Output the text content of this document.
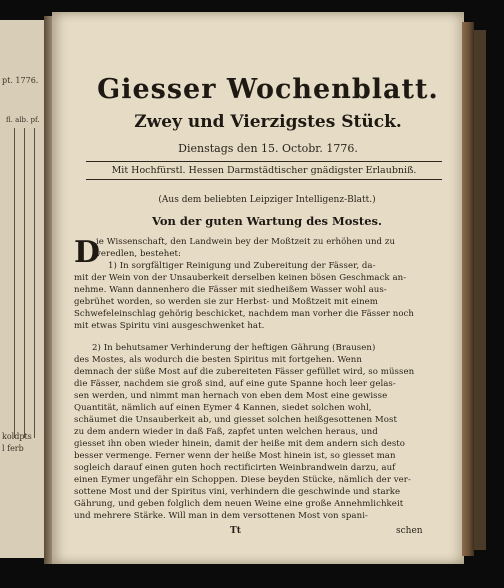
pt. 1776.
fl. alb. pf.
koldpts
l ferb
Giesser Wochenblatt.
Zwey und Vierzigstes Stück.
Dienstags den 15. Octobr. 1776.
Mit Hochfürstl. Hessen Darmstädtischer gnädigster Erlaubniß.
(Aus dem beliebten Leipziger Intelligenz-Blatt.)
Von der guten Wartung des Mostes.
D
ie Wissenschaft, den Landwein bey der Moßtzeit zu erhöhen und zu
veredlen, bestehet:
1) In sorgfältiger Reinigung und Zubereitung der Fässer, da-
mit der Wein von der Unsauberkeit derselben keinen bösen Geschmack an-
nehme. Wann dannenhero die Fässer mit siedheißem Wasser wohl aus-
gebrühet worden, so werden sie zur Herbst- und Moßtzeit mit einem
Schwefeleinschlag gehörig beschicket, nachdem man vorher die Fässer noch
mit etwas Spiritu vini ausgeschwenket hat.
2) In behutsamer Verhinderung der heftigen Gährung (Brausen)
des Mostes, als wodurch die besten Spiritus mit fortgehen. Wenn
demnach der süße Most auf die zubereiteten Fässer gefüllet wird, so müssen
die Fässer, nachdem sie groß sind, auf eine gute Spanne hoch leer gelas-
sen werden, und nimmt man hernach von eben dem Most eine gewisse
Quantität, nämlich auf einen Eymer 4 Kannen, siedet solchen wohl,
schäumet die Unsauberkeit ab, und giesset solchen heißgesottenen Most
zu dem andern wieder in daß Faß, zapfet unten welchen heraus, und
giesset ihn oben wieder hinein, damit der heiße mit dem andern sich desto
besser vermenge. Ferner wenn der heiße Most hinein ist, so giesset man
sogleich darauf einen guten hoch rectificirten Weinbrandwein darzu, auf
einen Eymer ungefähr ein Schoppen. Diese beyden Stücke, nämlich der ver-
sottene Most und der Spiritus vini, verhindern die geschwinde und starke
Gährung, und geben folglich dem neuen Weine eine große Annehmlichkeit
und mehrere Stärke. Will man in dem versottenen Most von spani-
Tt	schen
